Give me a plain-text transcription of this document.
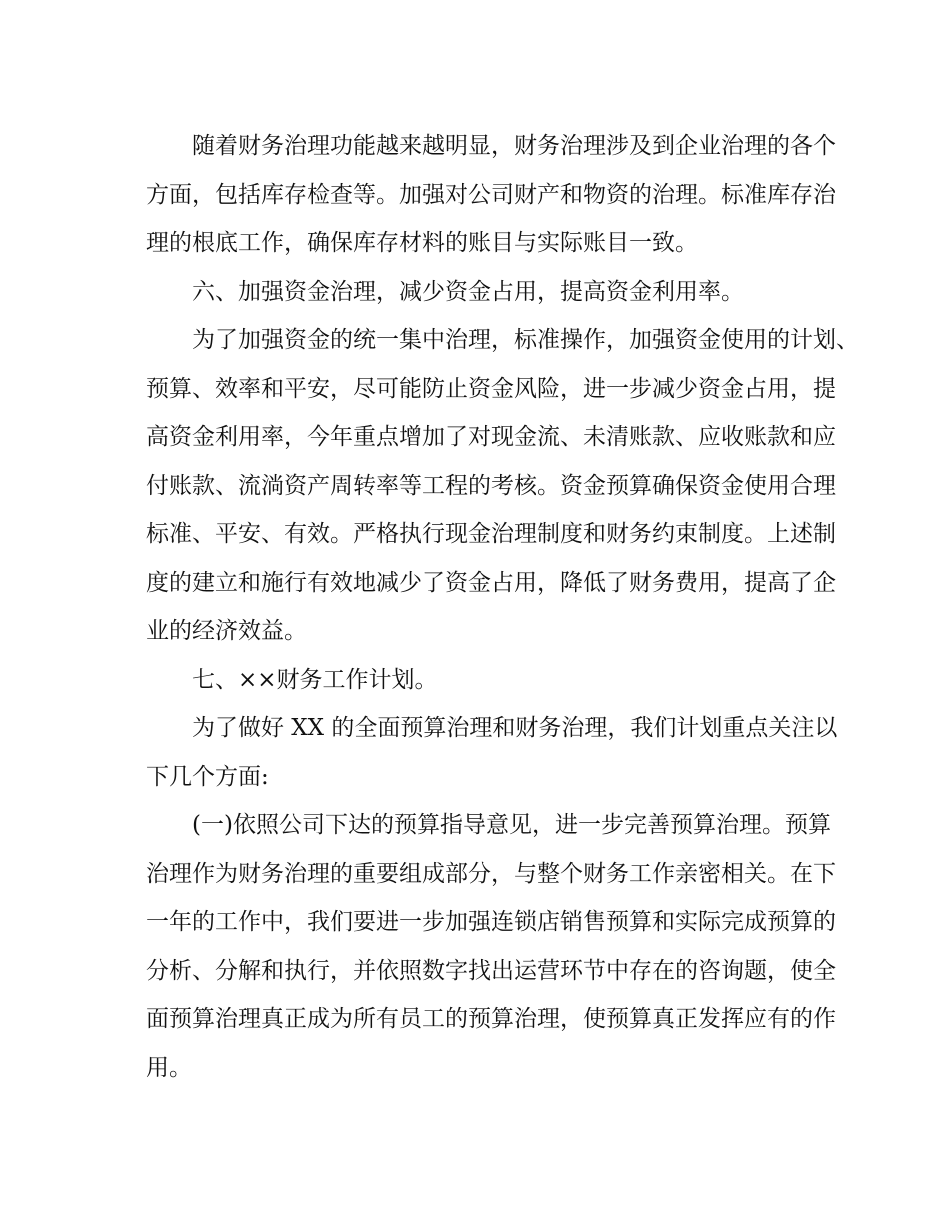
随着财务治理功能越来越明显，财务治理涉及到企业治理的各个
方面，包括库存检查等。加强对公司财产和物资的治理。标准库存治
理的根底工作，确保库存材料的账目与实际账目一致。
六、加强资金治理，减少资金占用，提高资金利用率。
为了加强资金的统一集中治理，标准操作，加强资金使用的计划、
预算、效率和平安，尽可能防止资金风险，进一步减少资金占用，提
高资金利用率，今年重点增加了对现金流、未清账款、应收账款和应
付账款、流淌资产周转率等工程的考核。资金预算确保资金使用合理
标准、平安、有效。严格执行现金治理制度和财务约束制度。上述制
度的建立和施行有效地减少了资金占用，降低了财务费用，提高了企
业的经济效益。
七、××财务工作计划。
为了做好 XX 的全面预算治理和财务治理，我们计划重点关注以
下几个方面:
(一)依照公司下达的预算指导意见，进一步完善预算治理。预算
治理作为财务治理的重要组成部分，与整个财务工作亲密相关。在下
一年的工作中，我们要进一步加强连锁店销售预算和实际完成预算的
分析、分解和执行，并依照数字找出运营环节中存在的咨询题，使全
面预算治理真正成为所有员工的预算治理，使预算真正发挥应有的作
用。
